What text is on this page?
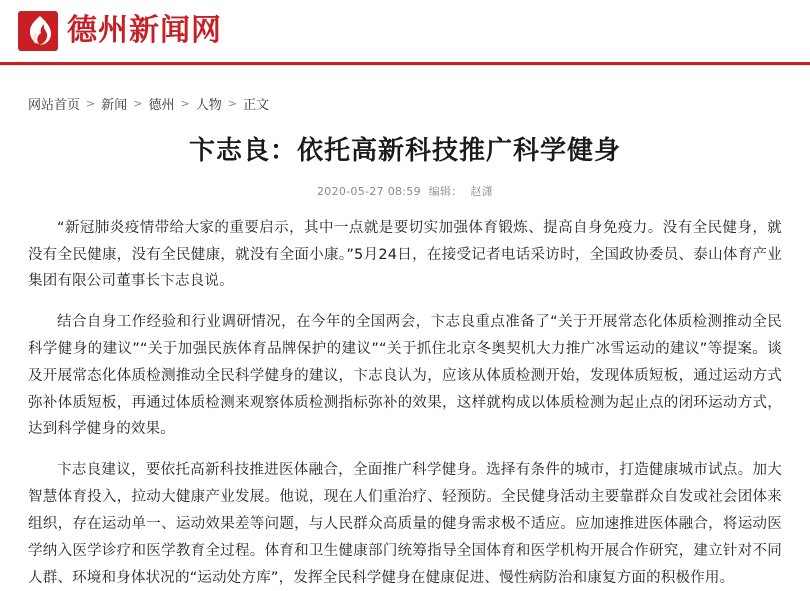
德州新闻网
网站首页 > 新闻 > 德州 > 人物 > 正文
卞志良：依托高新科技推广科学健身
2020-05-27 08:59 编辑： 赵潇

“新冠肺炎疫情带给大家的重要启示，其中一点就是要切实加强体育锻炼、提高自身免疫力。没有全民健身，就没有全民健康，没有全民健康，就没有全面小康。”5月24日，在接受记者电话采访时，全国政协委员、泰山体育产业集团有限公司董事长卞志良说。

结合自身工作经验和行业调研情况，在今年的全国两会，卞志良重点准备了“关于开展常态化体质检测推动全民科学健身的建议”“关于加强民族体育品牌保护的建议”“关于抓住北京冬奥契机大力推广冰雪运动的建议”等提案。谈及开展常态化体质检测推动全民科学健身的建议，卞志良认为，应该从体质检测开始，发现体质短板，通过运动方式弥补体质短板，再通过体质检测来观察体质检测指标弥补的效果，这样就构成以体质检测为起止点的闭环运动方式，达到科学健身的效果。

卞志良建议，要依托高新科技推进医体融合，全面推广科学健身。选择有条件的城市，打造健康城市试点。加大智慧体育投入，拉动大健康产业发展。他说，现在人们重治疗、轻预防。全民健身活动主要靠群众自发或社会团体来组织，存在运动单一、运动效果差等问题，与人民群众高质量的健身需求极不适应。应加速推进医体融合，将运动医学纳入医学诊疗和医学教育全过程。体育和卫生健康部门统筹指导全国体育和医学机构开展合作研究，建立针对不同人群、环境和身体状况的“运动处方库”，发挥全民科学健身在健康促进、慢性病防治和康复方面的积极作用。
